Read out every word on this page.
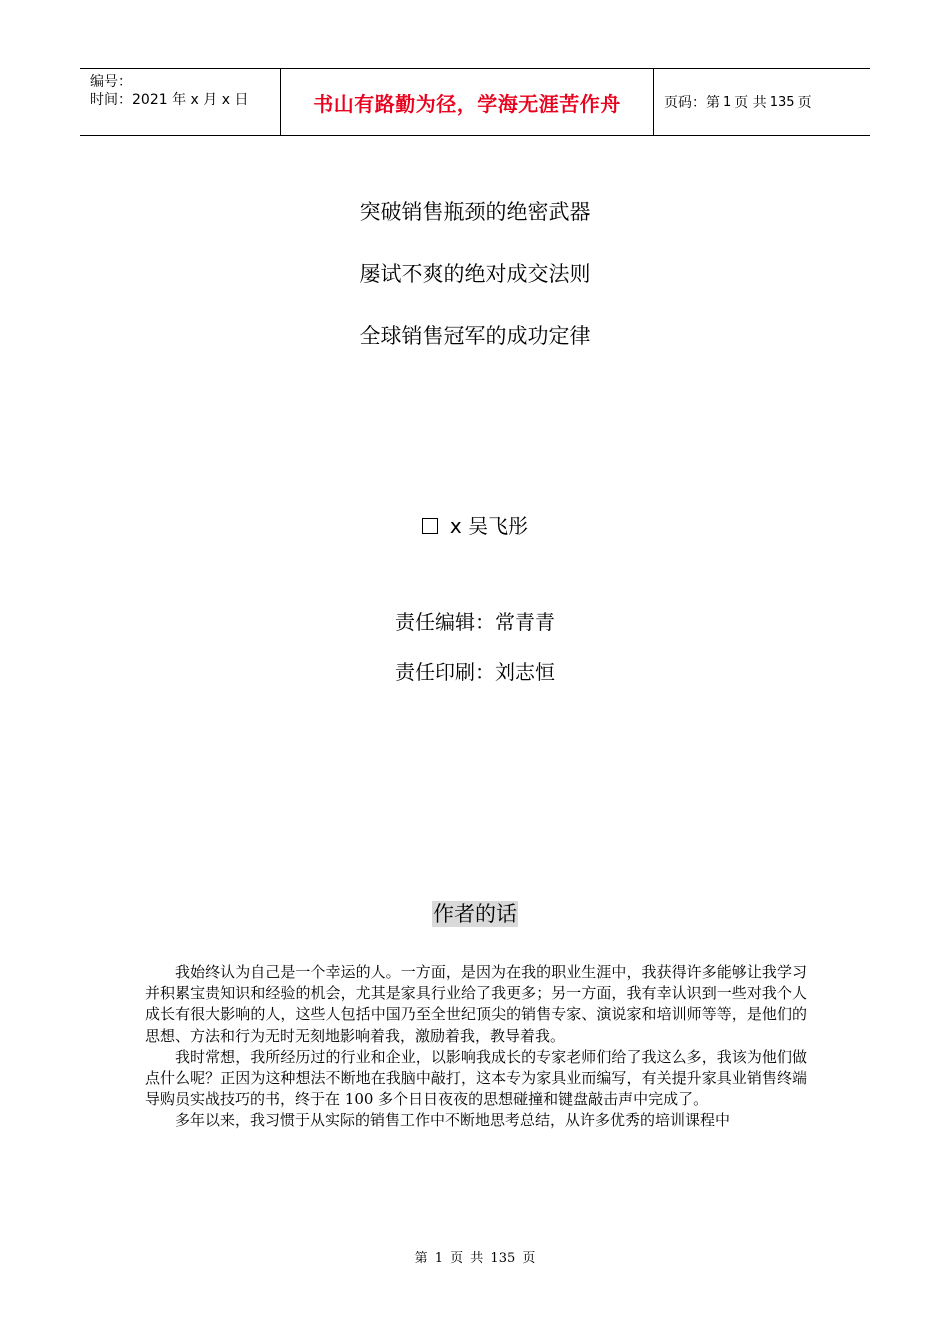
编号：
时间：2021 年 x 月 x 日	书山有路勤为径，学海无涯苦作舟	页码：第 1 页 共 135 页
突破销售瓶颈的绝密武器
屡试不爽的绝对成交法则
全球销售冠军的成功定律
x 吴飞彤
责任编辑：常青青
责任印刷：刘志恒
作者的话

我始终认为自己是一个幸运的人。一方面，是因为在我的职业生涯中，我获得许多能够让我学习并积累宝贵知识和经验的机会，尤其是家具行业给了我更多；另一方面，我有幸认识到一些对我个人成长有很大影响的人，这些人包括中国乃至全世纪顶尖的销售专家、演说家和培训师等等，是他们的思想、方法和行为无时无刻地影响着我，激励着我，教导着我。

我时常想，我所经历过的行业和企业，以影响我成长的专家老师们给了我这么多，我该为他们做点什么呢？正因为这种想法不断地在我脑中敲打，这本专为家具业而编写，有关提升家具业销售终端导购员实战技巧的书，终于在 100 多个日日夜夜的思想碰撞和键盘敲击声中完成了。

多年以来，我习惯于从实际的销售工作中不断地思考总结，从许多优秀的培训课程中

第 1 页 共 135 页
